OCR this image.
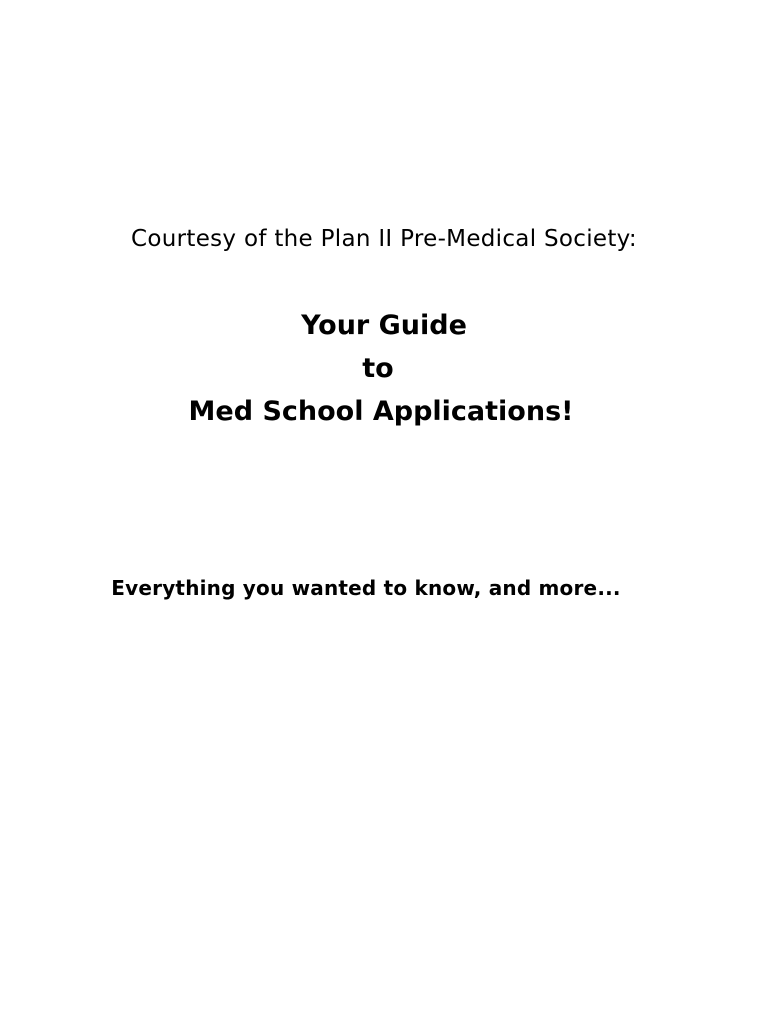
Courtesy of the Plan II Pre-Medical Society:
Your Guide
to
Med School Applications!
Everything you wanted to know, and more...
